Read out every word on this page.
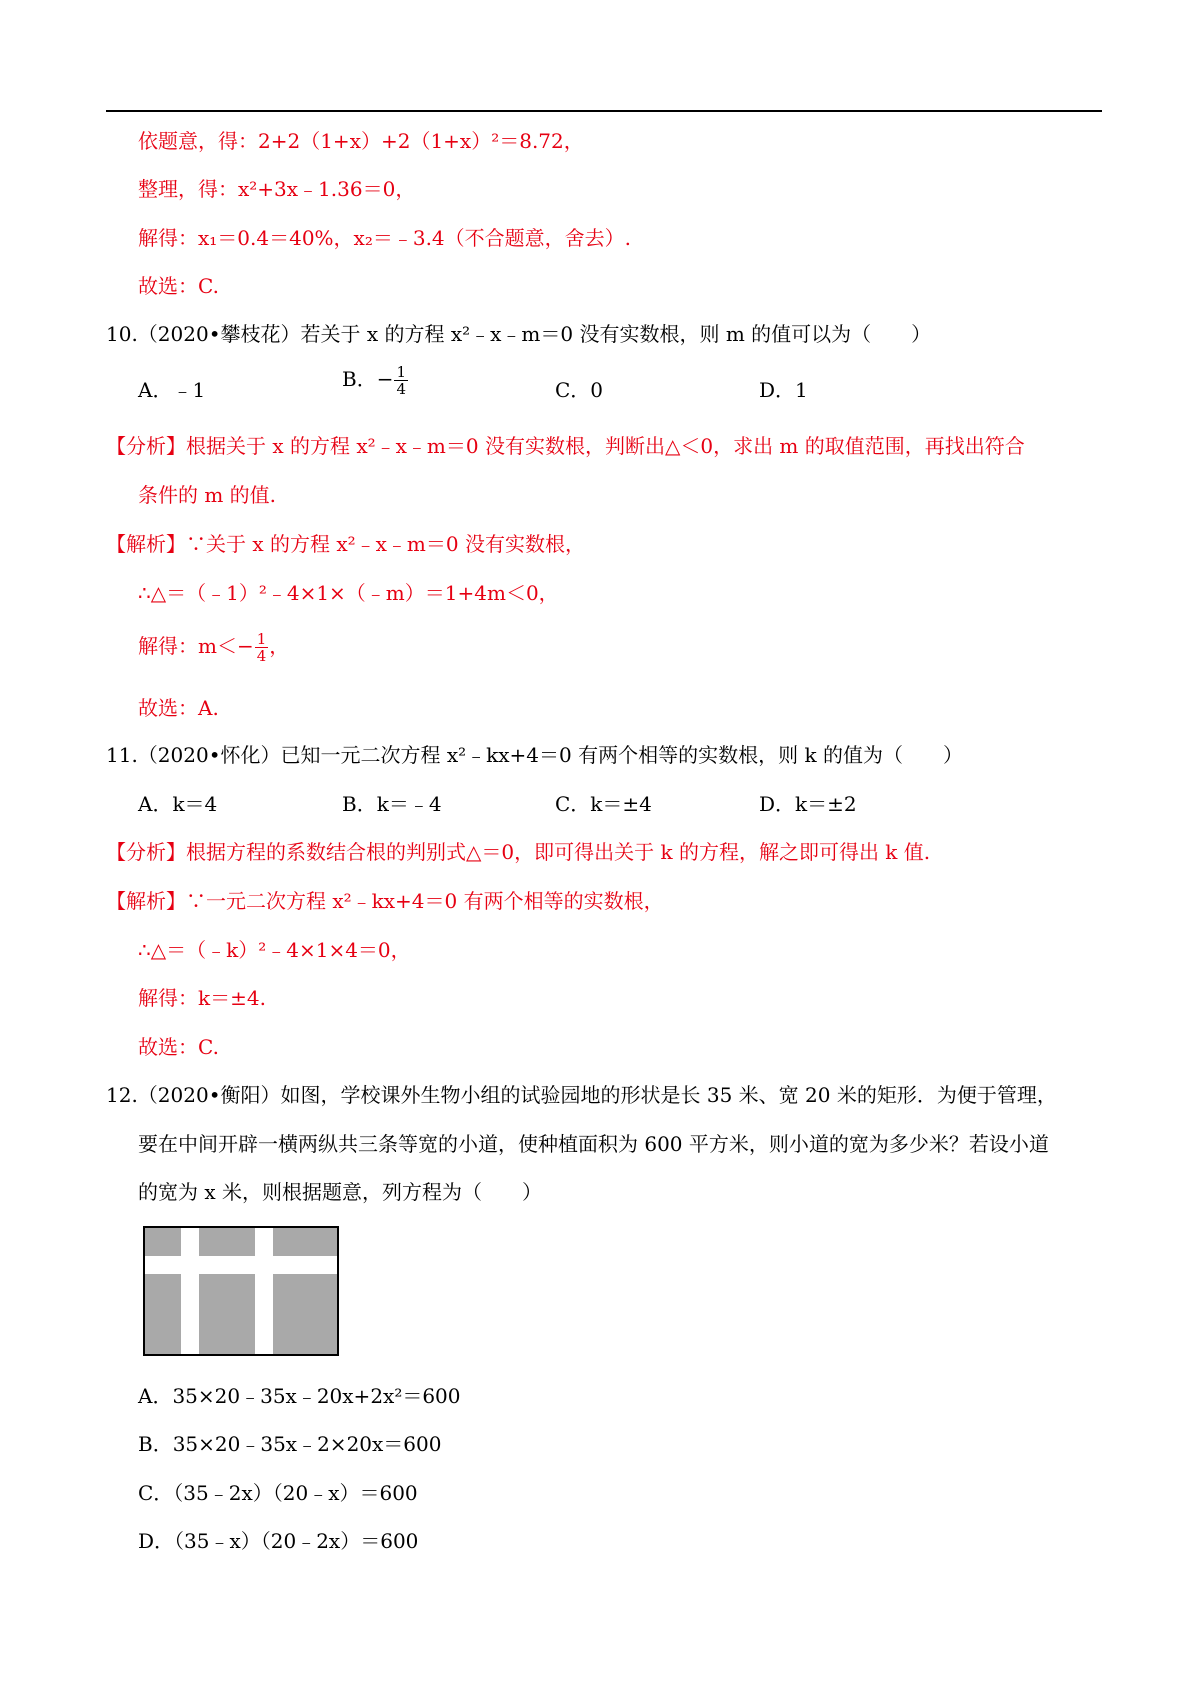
依题意，得：2+2（1+x）+2（1+x）²＝8.72，
整理，得：x²+3x﹣1.36＝0，
解得：x₁＝0.4＝40%，x₂＝﹣3.4（不合题意，舍去）.
故选：C.
10.（2020•攀枝花）若关于 x 的方程 x²﹣x﹣m＝0 没有实数根，则 m 的值可以为（　　）
A．﹣1	B．− $\frac{1}{4}$	C．0	D．1
【分析】根据关于 x 的方程 x²﹣x﹣m＝0 没有实数根，判断出△＜0，求出 m 的取值范围，再找出符合
条件的 m 的值.
【解析】∵关于 x 的方程 x²﹣x﹣m＝0 没有实数根，
∴△＝（﹣1）²﹣4×1×（﹣m）＝1+4m＜0，
解得：$m<- \frac{1}{4}$ ，
故选：A.
11.（2020•怀化）已知一元二次方程 x²﹣kx+4＝0 有两个相等的实数根，则 k 的值为（　　）
A．k＝4	B．k＝﹣4	C．k＝±4	D．k＝±2
【分析】根据方程的系数结合根的判别式△＝0，即可得出关于 k 的方程，解之即可得出 k 值.
【解析】∵一元二次方程 x²﹣kx+4＝0 有两个相等的实数根，
∴△＝（﹣k）²﹣4×1×4＝0，
解得：k＝±4.
故选：C.
12.（2020•衡阳）如图，学校课外生物小组的试验园地的形状是长 35 米、宽 20 米的矩形．为便于管理，
要在中间开辟一横两纵共三条等宽的小道，使种植面积为 600 平方米，则小道的宽为多少米？若设小道
的宽为 x 米，则根据题意，列方程为（　　）
A．35×20﹣35x﹣20x+2x²＝600
B．35×20﹣35x﹣2×20x＝600
C．（35﹣2x）（20﹣x）＝600
D．（35﹣x）（20﹣2x）＝600
